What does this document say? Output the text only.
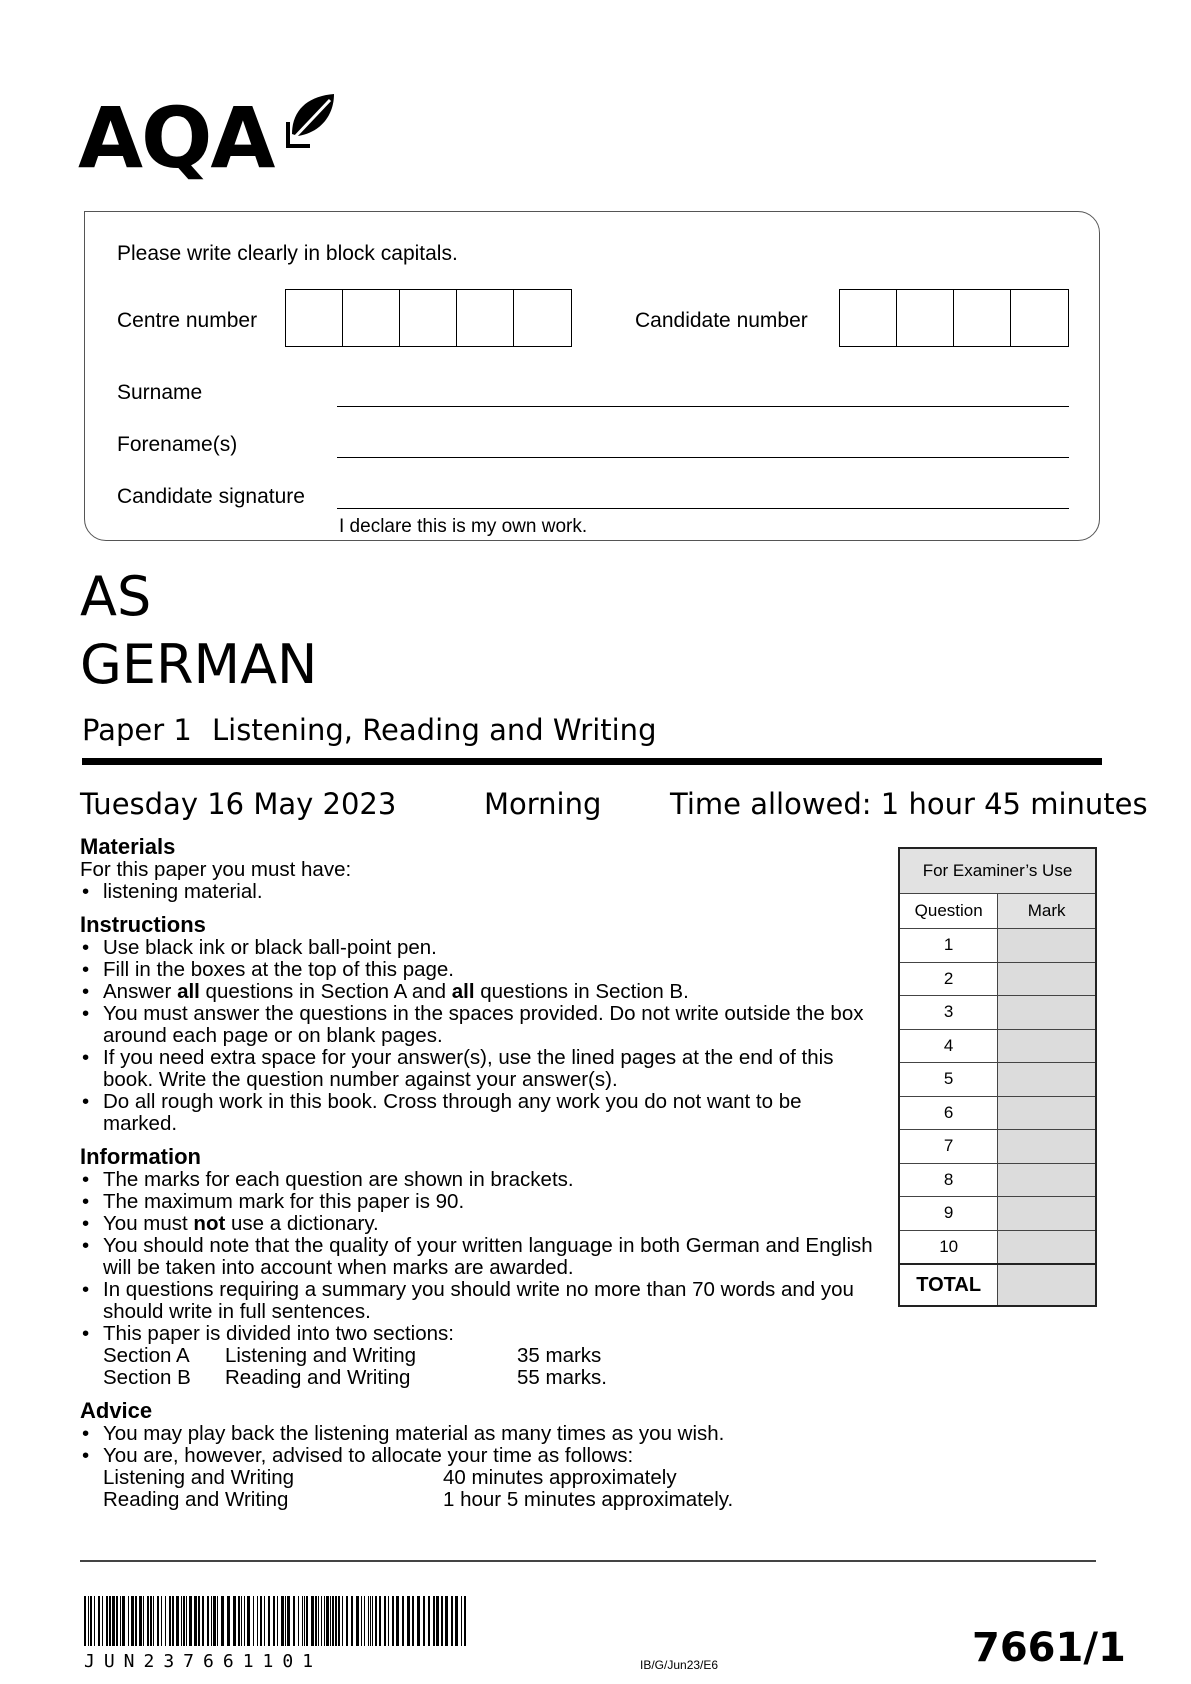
AQA
Please write clearly in block capitals.
Centre number	Candidate number
Surname
Forename(s)
Candidate signature
I declare this is my own work.
AS
GERMAN
Paper 1 Listening, Reading and Writing
Tuesday 16 May 2023	Morning Time allowed: 1 hour 45 minutes
Materials
For this paper you must have:
• listening material.
Instructions
• Use black ink or black ball-point pen.
• Fill in the boxes at the top of this page.
• Answer all questions in Section A and all questions in Section B.
• You must answer the questions in the spaces provided. Do not write outside the box around each page or on blank pages.
• If you need extra space for your answer(s), use the lined pages at the end of this book. Write the question number against your answer(s).
• Do all rough work in this book. Cross through any work you do not want to be marked.
Information
• The marks for each question are shown in brackets.
• The maximum mark for this paper is 90.
• You must not use a dictionary.
• You should note that the quality of your written language in both German and English will be taken into account when marks are awarded.
• In questions requiring a summary you should write no more than 70 words and you should write in full sentences.
• This paper is divided into two sections:
Section A	Listening and Writing	35 marks
Section B	Reading and Writing	55 marks.
Advice
• You may play back the listening material as many times as you wish.
• You are, however, advised to allocate your time as follows:
Listening and Writing	40 minutes approximately
Reading and Writing	1 hour 5 minutes approximately.
For Examiner’s Use	
Question	Mark
1	
2	
3	
4	
5	
6	
7	
8	
9	
10	
TOTAL	
JUN237661101	IB/G/Jun23/E6	7661/1
